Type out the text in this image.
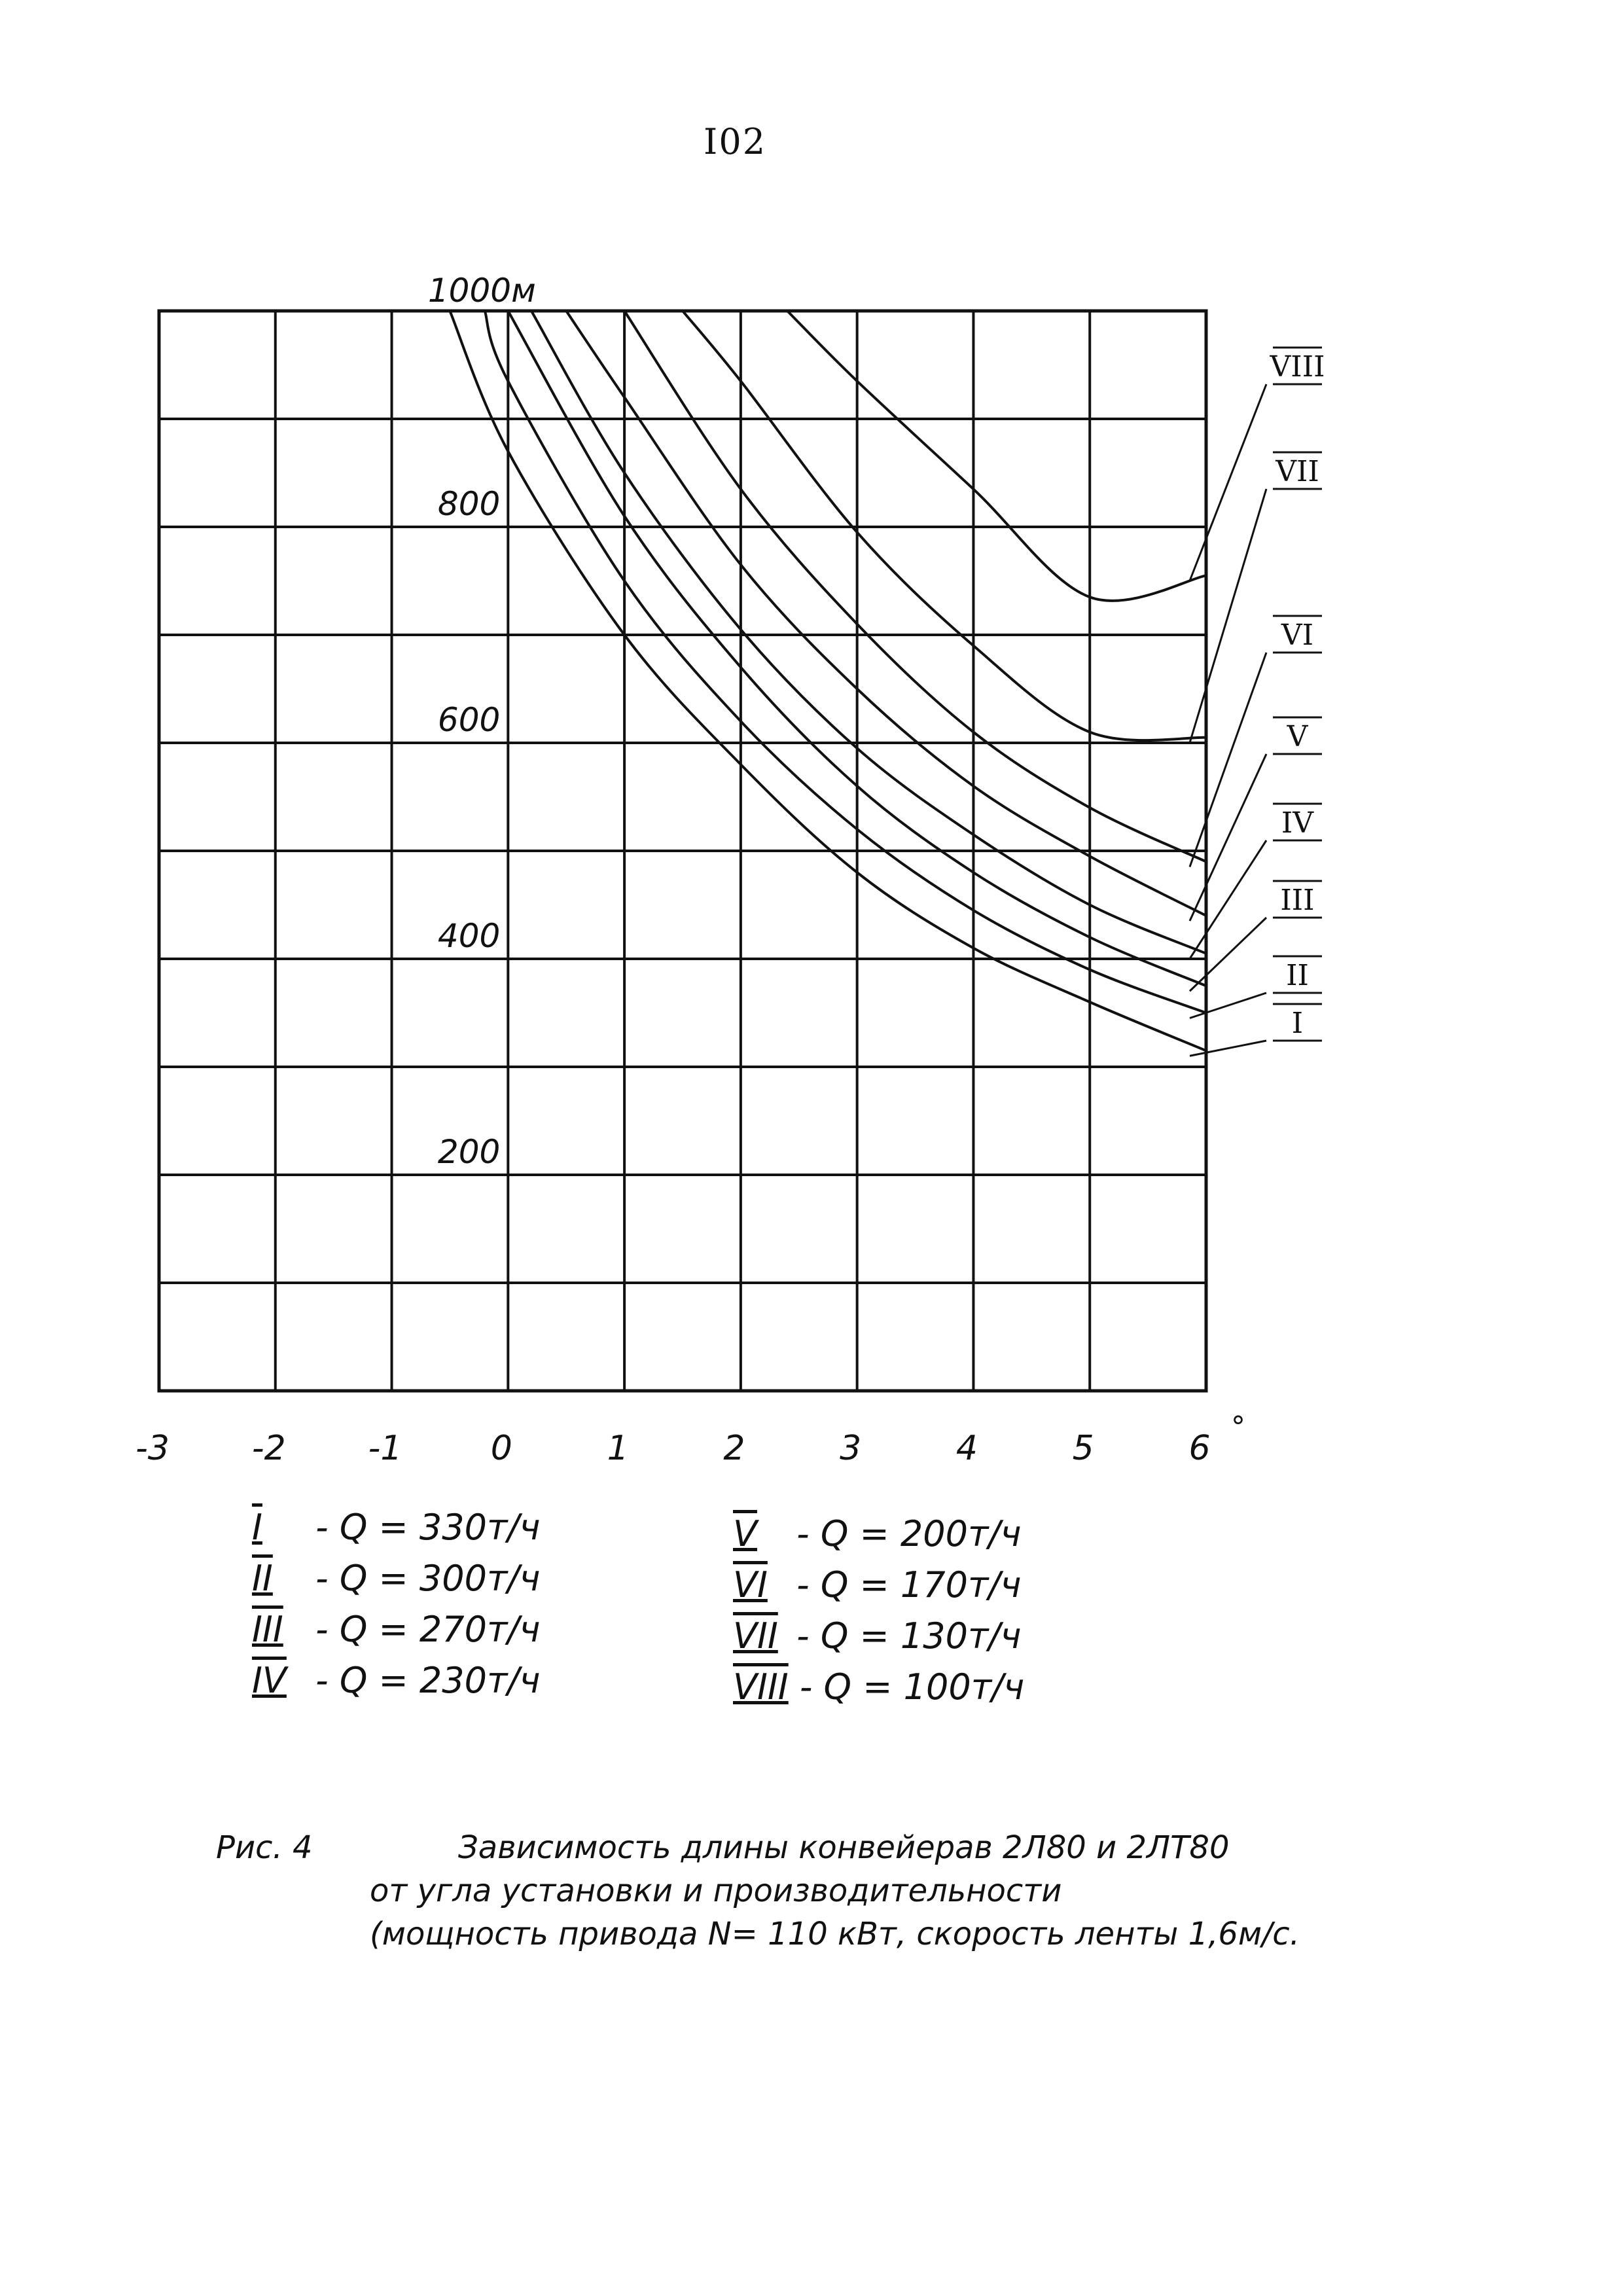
I02
VIII
VII
VI
V
IV
III
II
I
-3 -2 -1	0	1	2	3	4	5	6
°
200
400
600
800
1000м
I - Q = 330т/ч
II - Q = 300т/ч
III - Q = 270т/ч
IV - Q = 230т/ч
V - Q = 200т/ч
VI - Q = 170т/ч
VII - Q = 130т/ч
VIII - Q = 100т/ч
Рис. 4	Зависимость длины конвейерав 2Л80 и 2ЛТ80
от угла установки и производительности
(мощность привода N= 110 кВт, скорость ленты 1,6м/с.
